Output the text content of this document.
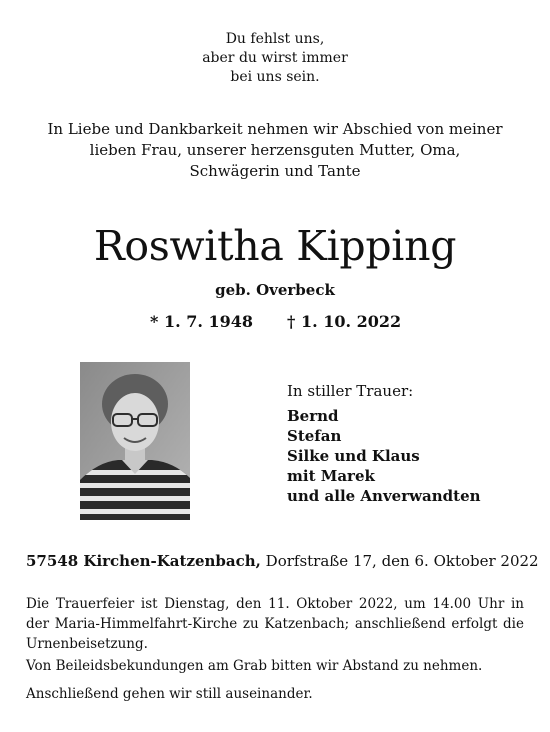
Du fehlst uns,
aber du wirst immer
bei uns sein.
In Liebe und Dankbarkeit nehmen wir Abschied von meiner
lieben Frau, unserer herzensguten Mutter, Oma,
Schwägerin und Tante
Roswitha Kipping
geb. Overbeck
* 1. 7. 1948 † 1. 10. 2022
In stiller Trauer:
Bernd
Stefan
Silke und Klaus
mit Marek
und alle Anverwandten
57548 Kirchen-Katzenbach, Dorfstraße 17, den 6. Oktober 2022
Die Trauerfeier ist Dienstag, den 11. Oktober 2022, um 14.00 Uhr in der Maria-Himmelfahrt-Kirche zu Katzenbach; anschließend erfolgt die Urnenbeisetzung.
Von Beileidsbekundungen am Grab bitten wir Abstand zu nehmen.
Anschließend gehen wir still auseinander.
